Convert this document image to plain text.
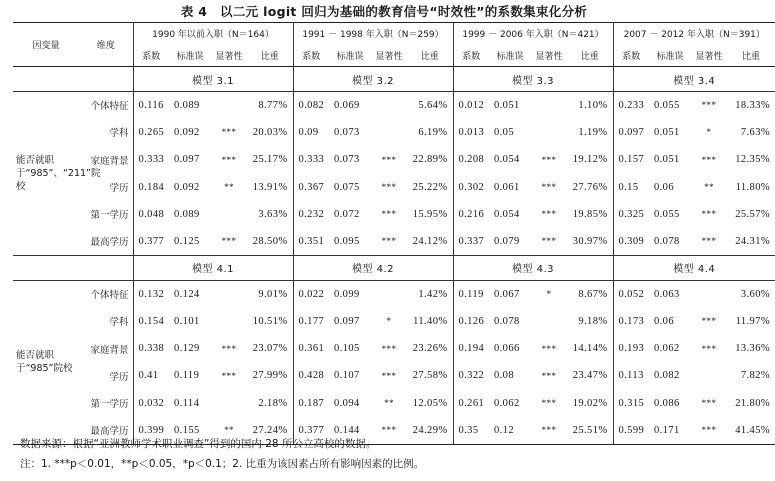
表 4　以二元 logit 回归为基础的教育信号“时效性”的系数集束化分析
因变量	维度	1990 年以前入职（N＝164）				1991 － 1998 年入职（N＝259）				1999 － 2006 年入职（N＝421）				2007 － 2012 年入职（N＝391）			
		系数	标准误	显著性	比重	系数	标准误	显著性	比重	系数	标准误	显著性	比重	系数	标准误	显著性	比重
		模型 3.1				模型 3.2				模型 3.3				模型 3.4			
能否就职于“985”、“211”院校	个体特征	0.116	0.089		8.77%	0.082	0.069		5.64%	0.012	0.051		1.10%	0.233	0.055	***	18.33%
	学科	0.265	0.092	***	20.03%	0.09	0.073		6.19%	0.013	0.05		1.19%	0.097	0.051	*	7.63%
	家庭背景	0.333	0.097	***	25.17%	0.333	0.073	***	22.89%	0.208	0.054	***	19.12%	0.157	0.051	***	12.35%
	学历	0.184	0.092	**	13.91%	0.367	0.075	***	25.22%	0.302	0.061	***	27.76%	0.15	0.06	**	11.80%
	第一学历	0.048	0.089		3.63%	0.232	0.072	***	15.95%	0.216	0.054	***	19.85%	0.325	0.055	***	25.57%
	最高学历	0.377	0.125	***	28.50%	0.351	0.095	***	24.12%	0.337	0.079	***	30.97%	0.309	0.078	***	24.31%
		模型 4.1				模型 4.2				模型 4.3				模型 4.4			
能否就职于“985”院校	个体特征	0.132	0.124		9.01%	0.022	0.099		1.42%	0.119	0.067	*	8.67%	0.052	0.063		3.60%
	学科	0.154	0.101		10.51%	0.177	0.097	*	11.40%	0.126	0.078		9.18%	0.173	0.06	***	11.97%
	家庭背景	0.338	0.129	***	23.07%	0.361	0.105	***	23.26%	0.194	0.066	***	14.14%	0.193	0.062	***	13.36%
	学历	0.41	0.119	***	27.99%	0.428	0.107	***	27.58%	0.322	0.08	***	23.47%	0.113	0.082		7.82%
	第一学历	0.032	0.114		2.18%	0.187	0.094	**	12.05%	0.261	0.062	***	19.02%	0.315	0.086	***	21.80%
	最高学历	0.399	0.155	**	27.24%	0.377	0.144	***	24.29%	0.35	0.12	***	25.51%	0.599	0.171	***	41.45%
数据来源：根据“亚洲教师学术职业调查”得到的国内 28 所公立高校的数据。
注：1. ***p＜0.01，**p＜0.05，*p＜0.1；2. 比重为该因素占所有影响因素的比例。
